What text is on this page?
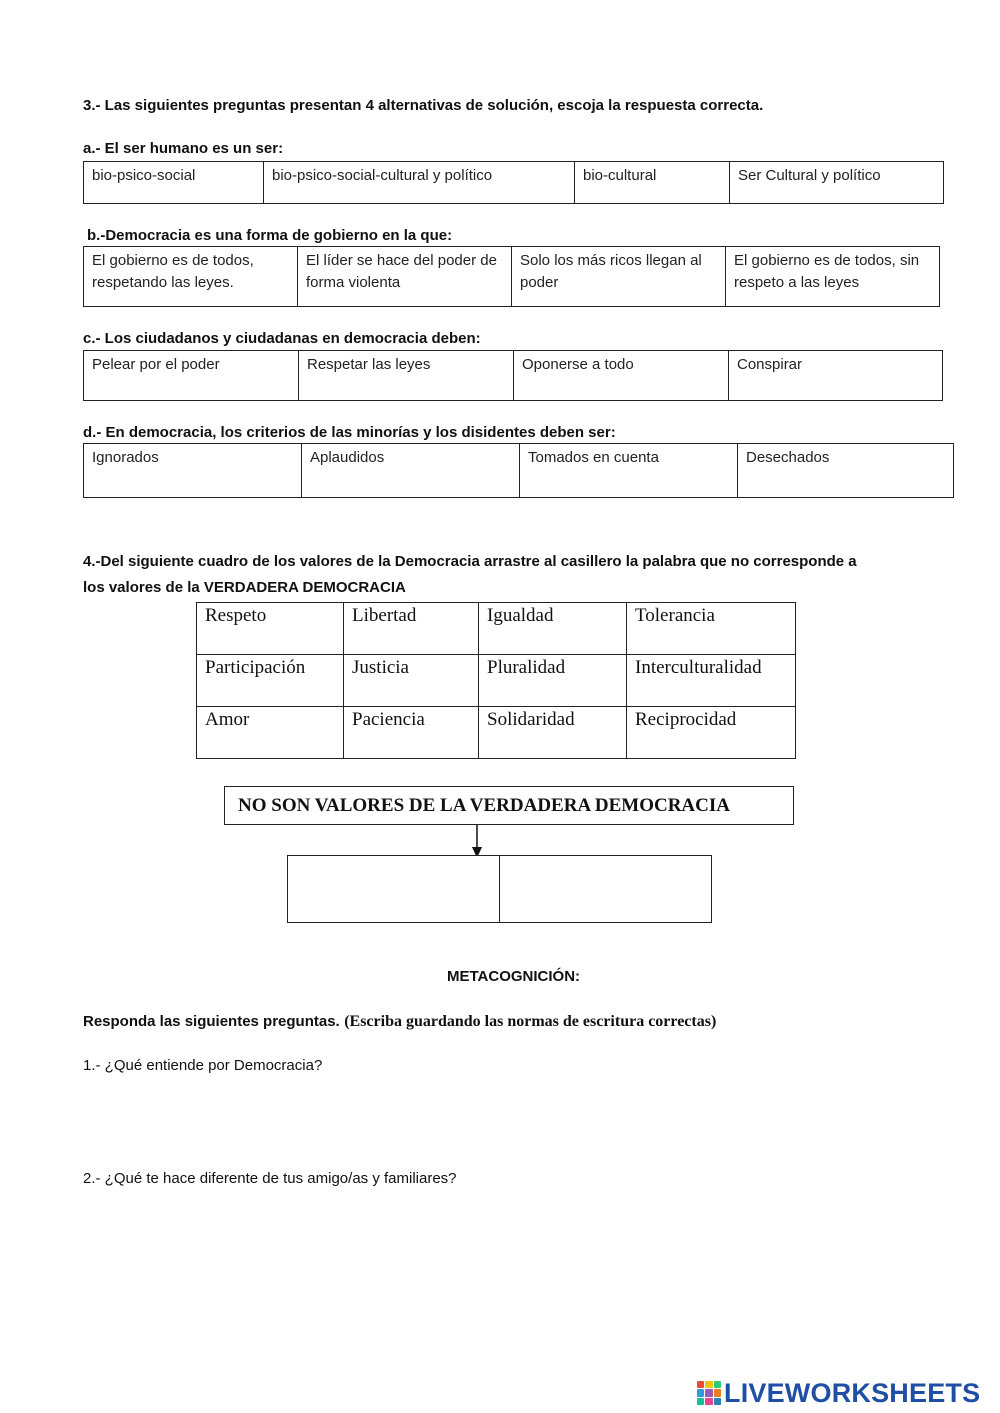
3.- Las siguientes preguntas presentan 4 alternativas de solución, escoja la respuesta correcta.
a.- El ser humano es un ser:
bio-psico-social	bio-psico-social-cultural y político	bio-cultural	Ser Cultural y político
b.-Democracia es una forma de gobierno en la que:
El gobierno es de todos, respetando las leyes.	El líder se hace del poder de forma violenta	Solo los más ricos llegan al poder	El gobierno es de todos, sin respeto a las leyes
c.- Los ciudadanos y ciudadanas en democracia deben:
Pelear por el poder	Respetar las leyes	Oponerse a todo	Conspirar
d.- En democracia, los criterios de las minorías y los disidentes deben ser:
Ignorados	Aplaudidos	Tomados en cuenta	Desechados
4.-Del siguiente cuadro de los valores de la Democracia arrastre al casillero la palabra que no corresponde a
los valores de la VERDADERA DEMOCRACIA
Respeto	Libertad	Igualdad	Tolerancia
Participación	Justicia	Pluralidad	Interculturalidad
Amor	Paciencia	Solidaridad	Reciprocidad
NO SON VALORES DE LA VERDADERA DEMOCRACIA
METACOGNICIÓN:
Responda las siguientes preguntas. (Escriba guardando las normas de escritura correctas)
1.- ¿Qué entiende por Democracia?
2.- ¿Qué te hace diferente de tus amigo/as y familiares?
LIVEWORKSHEETS
